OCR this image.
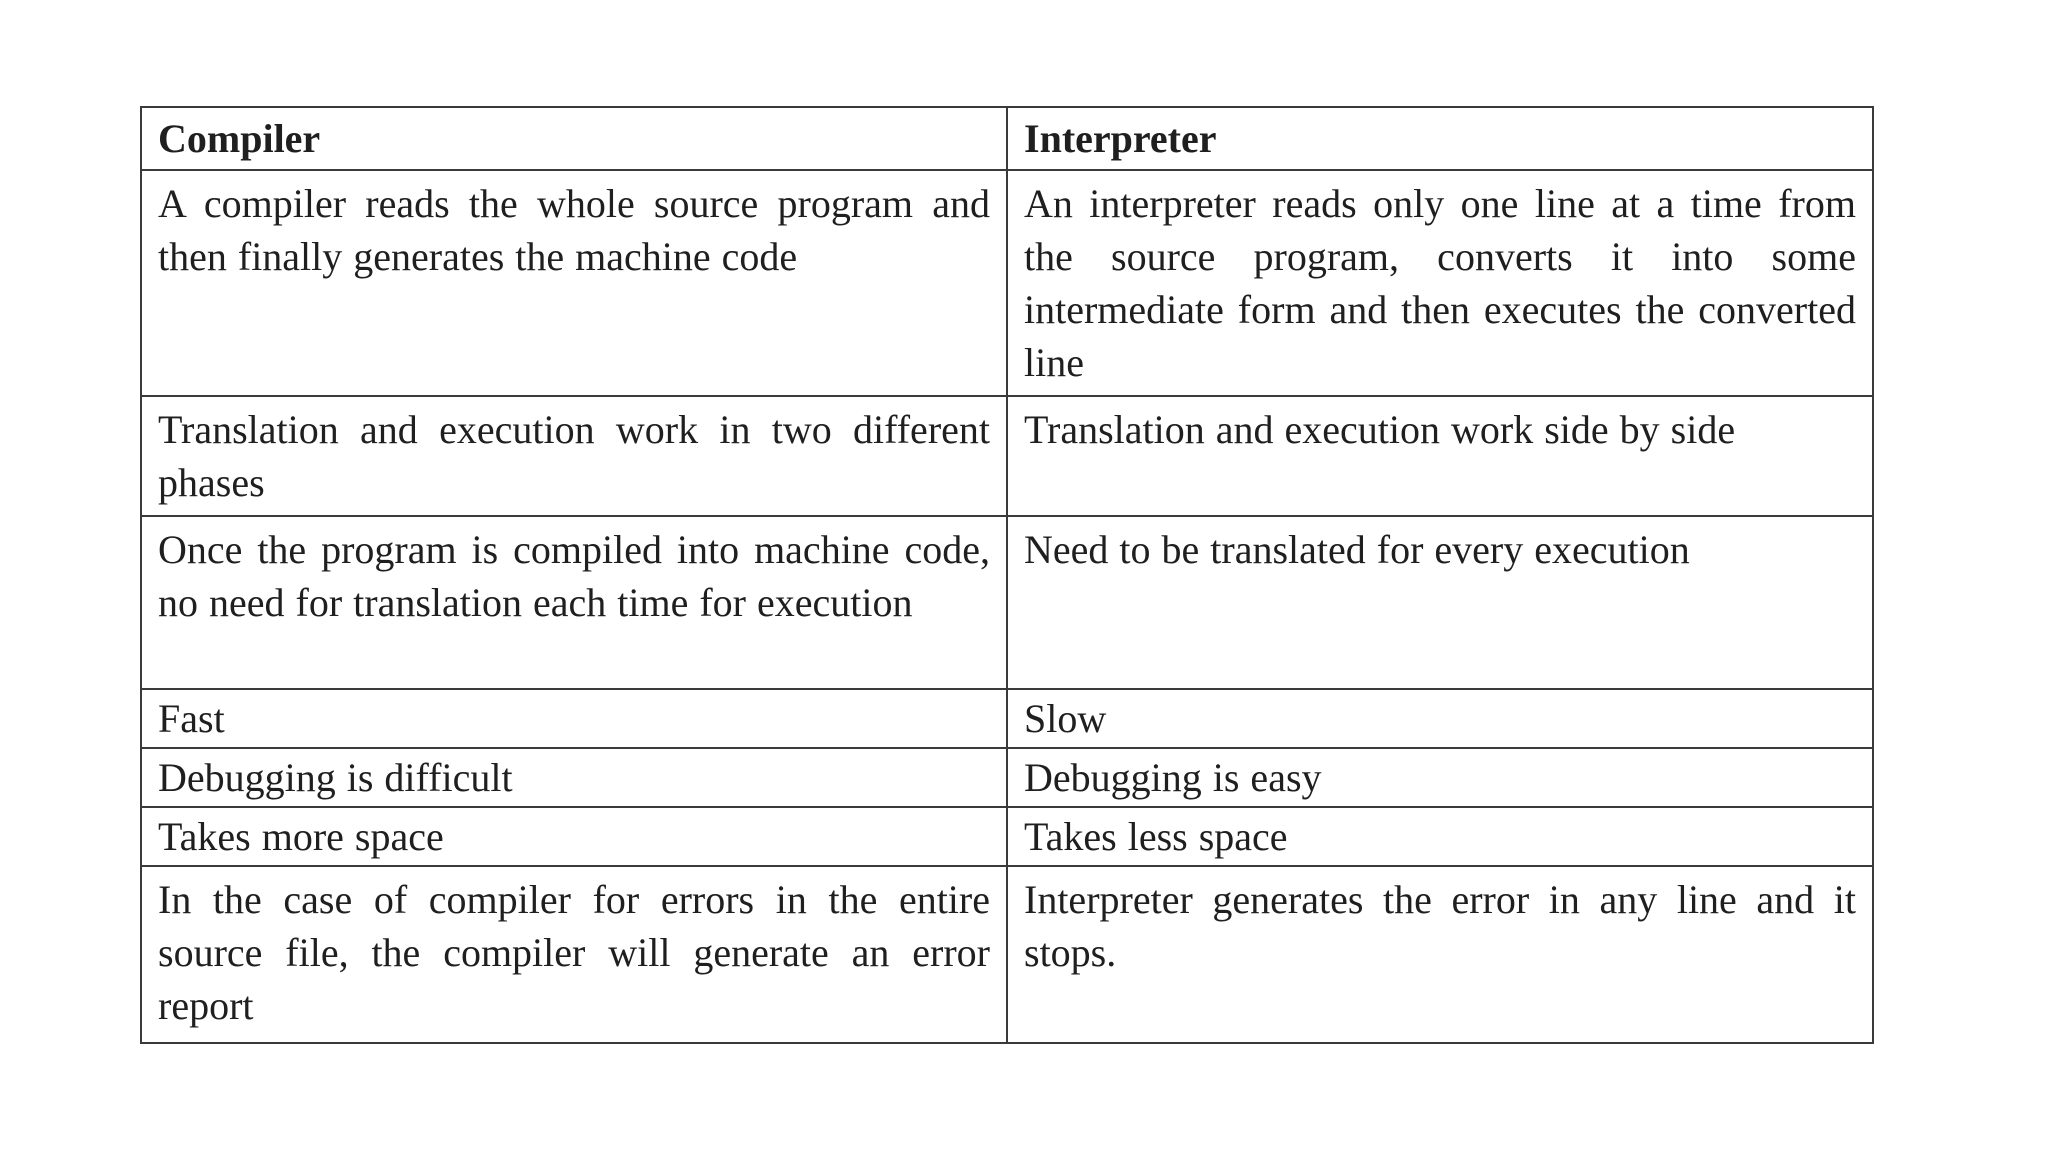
Compiler	Interpreter
A compiler reads the whole source program and then finally generates the machine code	An interpreter reads only one line at a time from the source program, converts it into some intermediate form and then executes the converted line
Translation and execution work in two different phases	Translation and execution work side by side
Once the program is compiled into machine code, no need for translation each time for execution	Need to be translated for every execution
Fast	Slow
Debugging is difficult	Debugging is easy
Takes more space	Takes less space
In the case of compiler for errors in the entire source file, the compiler will generate an error report	Interpreter generates the error in any line and it stops.
